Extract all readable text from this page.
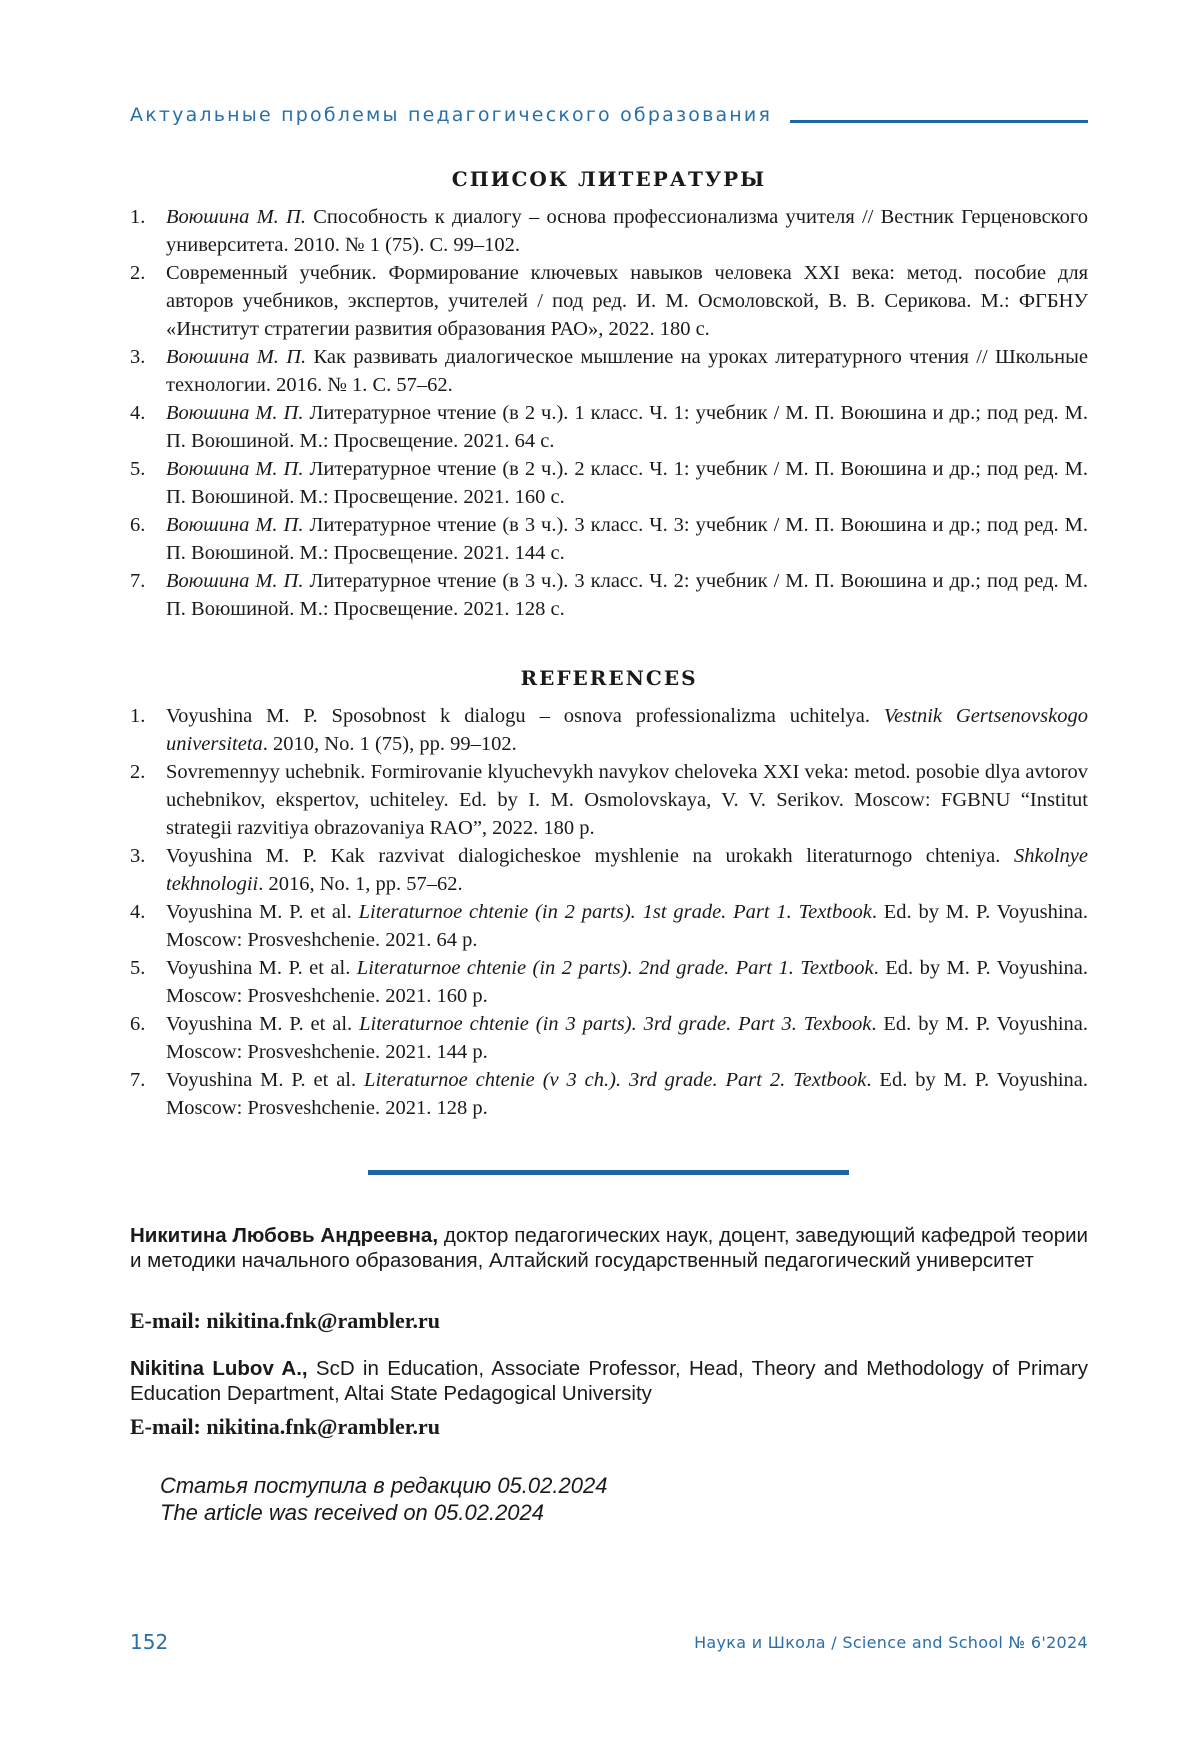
Актуальные проблемы педагогического образования
СПИСОК ЛИТЕРАТУРЫ
1. Воюшина М. П. Способность к диалогу – основа профессионализма учителя // Вестник Герценовского университета. 2010. № 1 (75). С. 99–102.
2. Современный учебник. Формирование ключевых навыков человека XXI века: метод. пособие для авторов учебников, экспертов, учителей / под ред. И. М. Осмоловской, В. В. Серикова. М.: ФГБНУ «Институт стратегии развития образования РАО», 2022. 180 с.
3. Воюшина М. П. Как развивать диалогическое мышление на уроках литературного чтения // Школьные технологии. 2016. № 1. С. 57–62.
4. Воюшина М. П. Литературное чтение (в 2 ч.). 1 класс. Ч. 1: учебник / М. П. Воюшина и др.; под ред. М. П. Воюшиной. М.: Просвещение. 2021. 64 с.
5. Воюшина М. П. Литературное чтение (в 2 ч.). 2 класс. Ч. 1: учебник / М. П. Воюшина и др.; под ред. М. П. Воюшиной. М.: Просвещение. 2021. 160 с.
6. Воюшина М. П. Литературное чтение (в 3 ч.). 3 класс. Ч. 3: учебник / М. П. Воюшина и др.; под ред. М. П. Воюшиной. М.: Просвещение. 2021. 144 с.
7. Воюшина М. П. Литературное чтение (в 3 ч.). 3 класс. Ч. 2: учебник / М. П. Воюшина и др.; под ред. М. П. Воюшиной. М.: Просвещение. 2021. 128 с.
REFERENCES
1. Voyushina M. P. Sposobnost k dialogu – osnova professionalizma uchitelya. Vestnik Gertsenovskogo universiteta. 2010, No. 1 (75), pp. 99–102.
2. Sovremennyy uchebnik. Formirovanie klyuchevykh navykov cheloveka XXI veka: metod. posobie dlya avtorov uchebnikov, ekspertov, uchiteley. Ed. by I. M. Osmolovskaya, V. V. Serikov. Moscow: FGBNU “Institut strategii razvitiya obrazovaniya RAO”, 2022. 180 p.
3. Voyushina M. P. Kak razvivat dialogicheskoe myshlenie na urokakh literaturnogo chteniya. Shkolnye tekhnologii. 2016, No. 1, pp. 57–62.
4. Voyushina M. P. et al. Literaturnoe chtenie (in 2 parts). 1st grade. Part 1. Textbook. Ed. by M. P. Voyushina. Moscow: Prosveshchenie. 2021. 64 p.
5. Voyushina M. P. et al. Literaturnoe chtenie (in 2 parts). 2nd grade. Part 1. Textbook. Ed. by M. P. Voyushina. Moscow: Prosveshchenie. 2021. 160 p.
6. Voyushina M. P. et al. Literaturnoe chtenie (in 3 parts). 3rd grade. Part 3. Texbook. Ed. by M. P. Voyushina. Moscow: Prosveshchenie. 2021. 144 p.
7. Voyushina M. P. et al. Literaturnoe chtenie (v 3 ch.). 3rd grade. Part 2. Textbook. Ed. by M. P. Voyushina. Moscow: Prosveshchenie. 2021. 128 p.

Никитина Любовь Андреевна, доктор педагогических наук, доцент, заведующий кафедрой теории и методики начального образования, Алтайский государственный педагогический университет

E-mail: nikitina.fnk@rambler.ru

Nikitina Lubov A., ScD in Education, Associate Professor, Head, Theory and Methodology of Primary Education Department, Altai State Pedagogical University

E-mail: nikitina.fnk@rambler.ru
Статья поступила в редакцию 05.02.2024
The article was received on 05.02.2024
152	Наука и Школа / Science and School № 6'2024
